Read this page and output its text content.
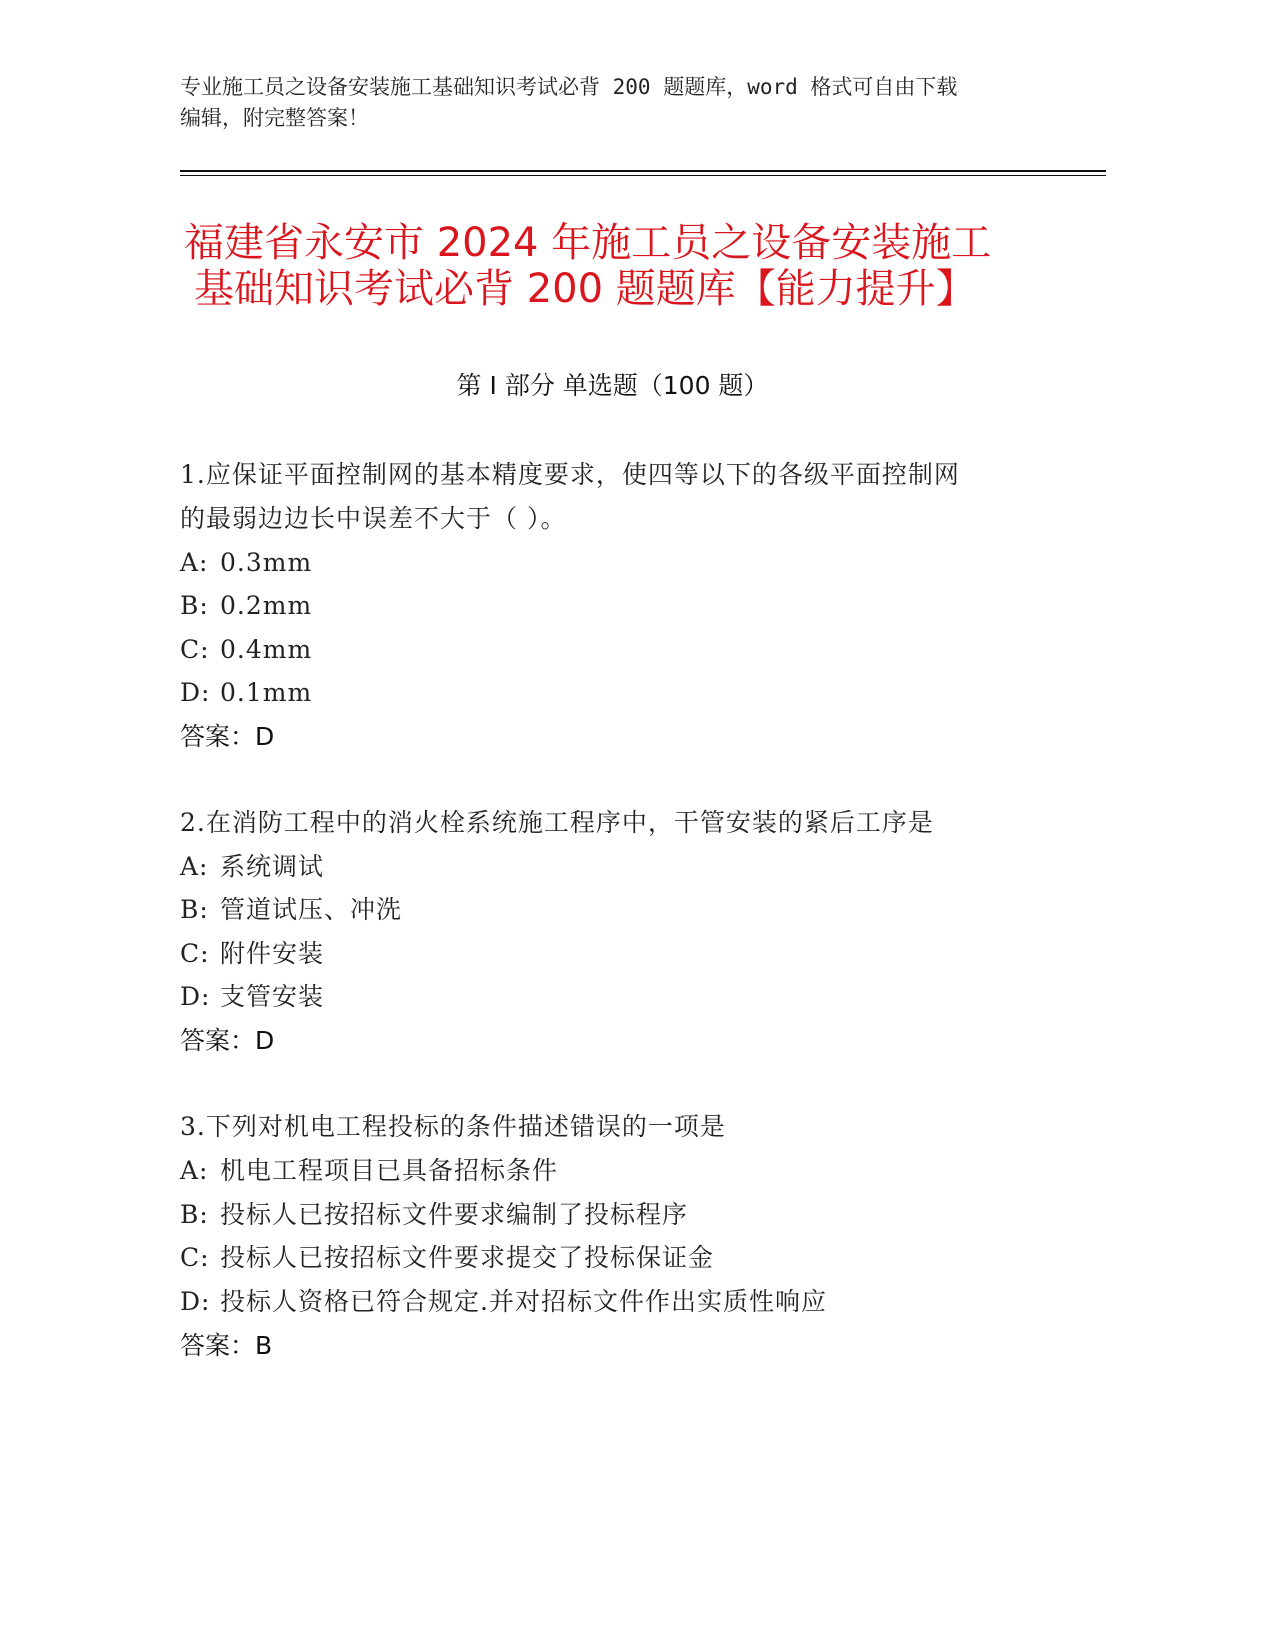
专业施工员之设备安装施工基础知识考试必背 200 题题库，word 格式可自由下载
编辑，附完整答案！
福建省永安市 2024 年施工员之设备安装施工
基础知识考试必背 200 题题库【能力提升】
第 I 部分 单选题（100 题）
1.应保证平面控制网的基本精度要求，使四等以下的各级平面控制网
的最弱边边长中误差不大于（ ）。
A: 0.3mm
B: 0.2mm
C: 0.4mm
D: 0.1mm
答案：D
2.在消防工程中的消火栓系统施工程序中，干管安装的紧后工序是
A: 系统调试
B: 管道试压、冲洗
C: 附件安装
D: 支管安装
答案：D
3.下列对机电工程投标的条件描述错误的一项是
A: 机电工程项目已具备招标条件
B: 投标人已按招标文件要求编制了投标程序
C: 投标人已按招标文件要求提交了投标保证金
D: 投标人资格已符合规定.并对招标文件作出实质性响应
答案：B
